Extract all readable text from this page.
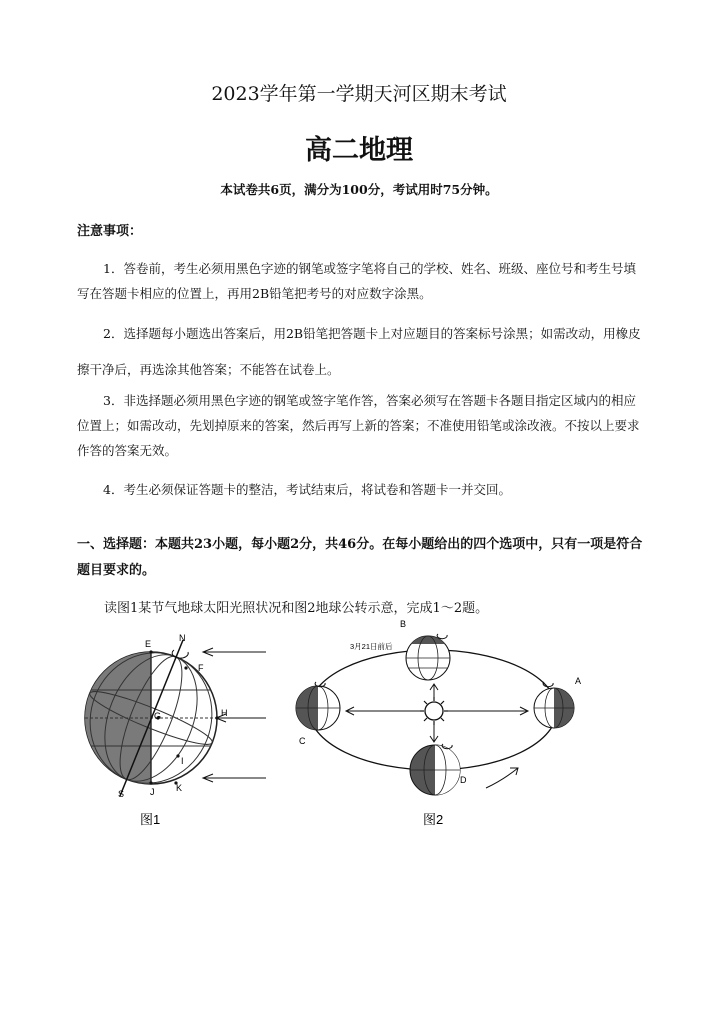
2023学年第一学期天河区期末考试
高二地理
本试卷共6页，满分为100分，考试用时75分钟。
注意事项：
1．答卷前，考生必须用黑色字迹的钢笔或签字笔将自己的学校、姓名、班级、座位号和考生号填写在答题卡相应的位置上，再用2B铅笔把考号的对应数字涂黑。
2．选择题每小题选出答案后，用2B铅笔把答题卡上对应题目的答案标号涂黑；如需改动，用橡皮擦干净后，再选涂其他答案；不能答在试卷上。
3．非选择题必须用黑色字迹的钢笔或签字笔作答，答案必须写在答题卡各题目指定区域内的相应位置上；如需改动，先划掉原来的答案，然后再写上新的答案；不准使用铅笔或涂改液。不按以上要求作答的答案无效。
4．考生必须保证答题卡的整洁，考试结束后，将试卷和答题卡一并交回。
一、选择题：本题共23小题，每小题2分，共46分。在每小题给出的四个选项中，只有一项是符合题目要求的。
读图1某节气地球太阳光照状况和图2地球公转示意，完成1～2题。
E
N
F
G	H
I
J K
S
图1
3月21日前后
A
B
C
D
图2
